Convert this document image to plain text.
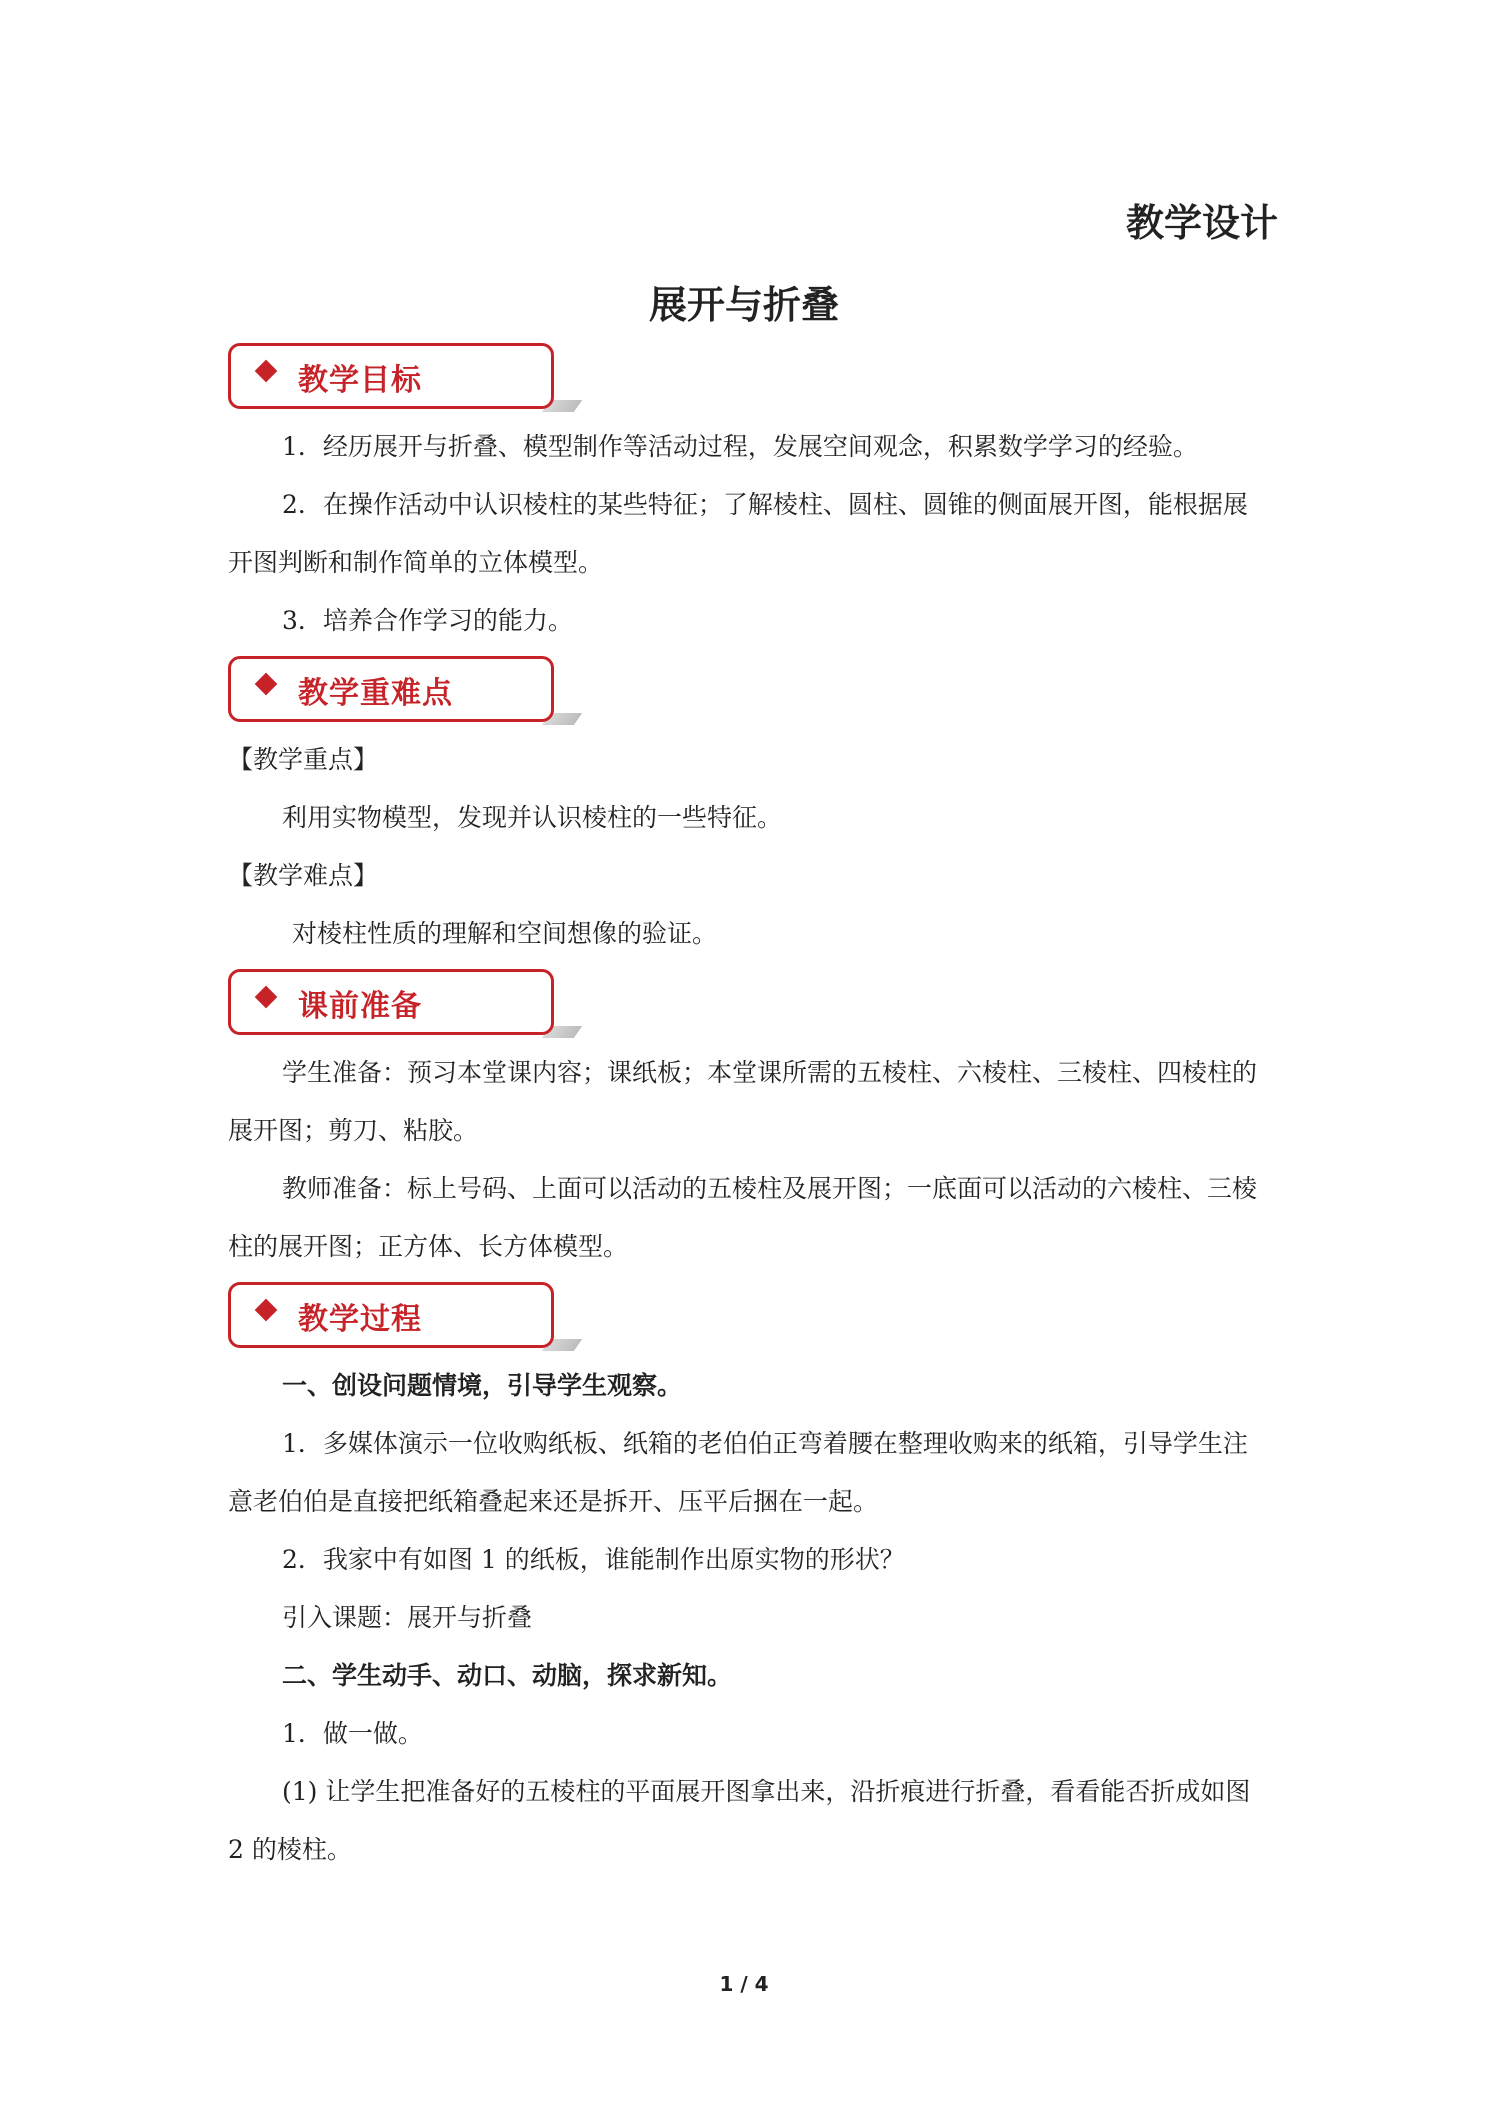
教学设计
展开与折叠
教学目标

1．经历展开与折叠、模型制作等活动过程，发展空间观念，积累数学学习的经验。

2．在操作活动中认识棱柱的某些特征；了解棱柱、圆柱、圆锥的侧面展开图，能根据展开图判断和制作简单的立体模型。

3．培养合作学习的能力。

教学重难点

【教学重点】

利用实物模型，发现并认识棱柱的一些特征。

【教学难点】

对棱柱性质的理解和空间想像的验证。

课前准备

学生准备：预习本堂课内容；课纸板；本堂课所需的五棱柱、六棱柱、三棱柱、四棱柱的展开图；剪刀、粘胶。

教师准备：标上号码、上面可以活动的五棱柱及展开图；一底面可以活动的六棱柱、三棱柱的展开图；正方体、长方体模型。

教学过程

一、创设问题情境，引导学生观察。

1．多媒体演示一位收购纸板、纸箱的老伯伯正弯着腰在整理收购来的纸箱，引导学生注意老伯伯是直接把纸箱叠起来还是拆开、压平后捆在一起。

2．我家中有如图 1 的纸板，谁能制作出原实物的形状？

引入课题：展开与折叠

二、学生动手、动口、动脑，探求新知。

1．做一做。

(1) 让学生把准备好的五棱柱的平面展开图拿出来，沿折痕进行折叠，看看能否折成如图 2 的棱柱。

1 / 4
